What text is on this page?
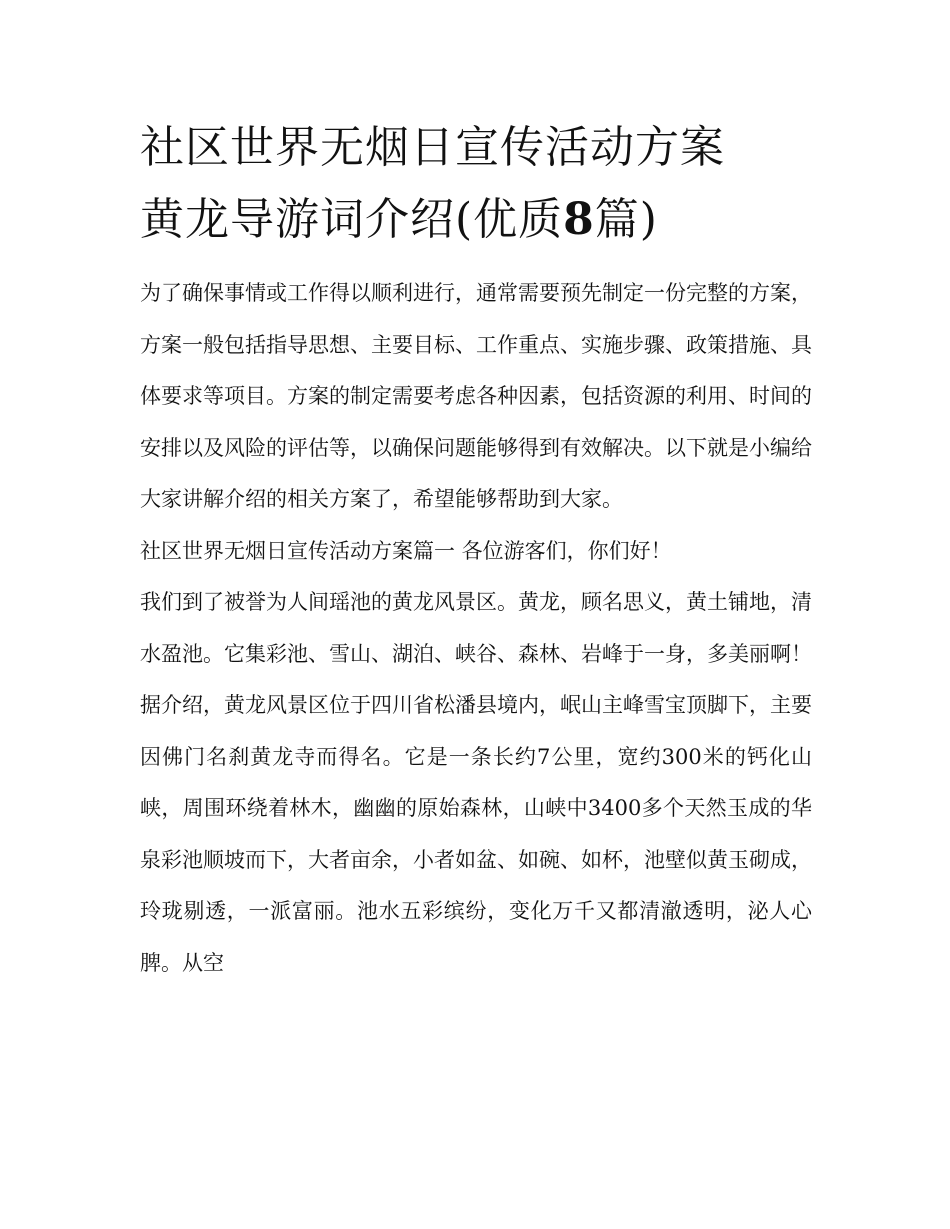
社区世界无烟日宣传活动方案
黄龙导游词介绍(优质8篇)

为了确保事情或工作得以顺利进行，通常需要预先制定一份完整的方案，方案一般包括指导思想、主要目标、工作重点、实施步骤、政策措施、具体要求等项目。方案的制定需要考虑各种因素，包括资源的利用、时间的安排以及风险的评估等，以确保问题能够得到有效解决。以下就是小编给大家讲解介绍的相关方案了，希望能够帮助到大家。

社区世界无烟日宣传活动方案篇一 各位游客们，你们好！

我们到了被誉为人间瑶池的黄龙风景区。黄龙，顾名思义，黄土铺地，清水盈池。它集彩池、雪山、湖泊、峡谷、森林、岩峰于一身，多美丽啊！

据介绍，黄龙风景区位于四川省松潘县境内，岷山主峰雪宝顶脚下，主要因佛门名刹黄龙寺而得名。它是一条长约7公里，宽约300米的钙化山峡，周围环绕着林木，幽幽的原始森林，山峡中3400多个天然玉成的华泉彩池顺坡而下，大者亩余，小者如盆、如碗、如杯，池壁似黄玉砌成，玲珑剔透，一派富丽。池水五彩缤纷，变化万千又都清澈透明，泌人心脾。从空
